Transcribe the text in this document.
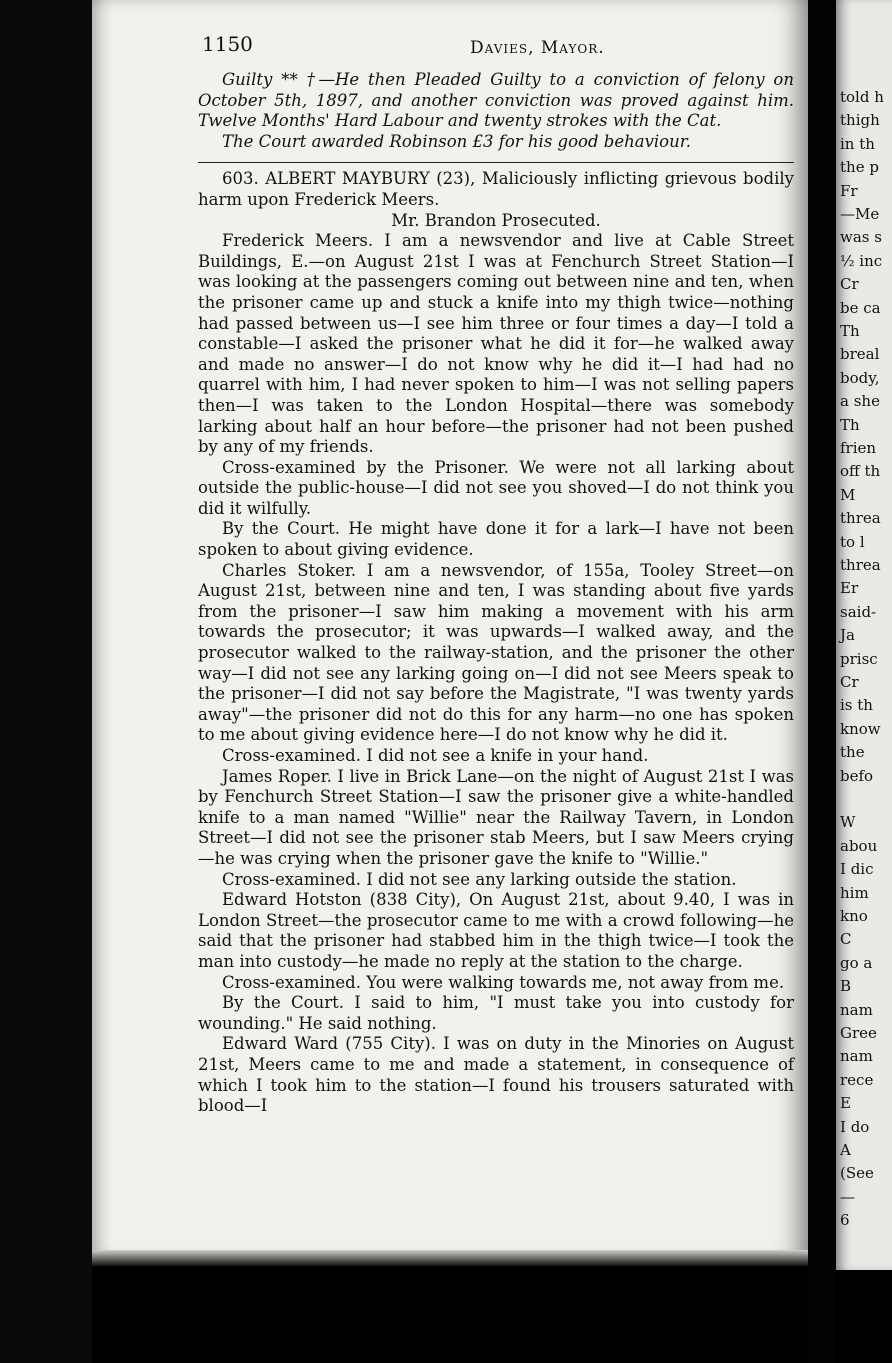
told h
thigh
in th
the p
Fr
—Me
was s
½ inc
Cr
be ca
Th
breal
body,
a she
Th
frien
off th
M
threa
to l
threa
Er
said-
Ja
prisc
Cr
is th
know
the
befo
W
abou
I dic
him
kno
C
go a
B
nam
Gree
nam
rece
E
I do
A
(See
—
6
1150	Davies, Mayor.

Guilty ** †—He then Pleaded Guilty to a conviction of felony on October 5th, 1897, and another conviction was proved against him. Twelve Months' Hard Labour and twenty strokes with the Cat.

The Court awarded Robinson £3 for his good behaviour.

603. ALBERT MAYBURY (23), Maliciously inflicting grievous bodily harm upon Frederick Meers.

Mr. Brandon Prosecuted.

Frederick Meers. I am a newsvendor and live at Cable Street Buildings, E.—on August 21st I was at Fenchurch Street Station—I was looking at the passengers coming out between nine and ten, when the prisoner came up and stuck a knife into my thigh twice—nothing had passed between us—I see him three or four times a day—I told a constable—I asked the prisoner what he did it for—he walked away and made no answer—I do not know why he did it—I had had no quarrel with him, I had never spoken to him—I was not selling papers then—I was taken to the London Hospital—there was somebody larking about half an hour before—the prisoner had not been pushed by any of my friends.

Cross-examined by the Prisoner. We were not all larking about outside the public-house—I did not see you shoved—I do not think you did it wilfully.

By the Court. He might have done it for a lark—I have not been spoken to about giving evidence.

Charles Stoker. I am a newsvendor, of 155a, Tooley Street—on August 21st, between nine and ten, I was standing about five yards from the prisoner—I saw him making a movement with his arm towards the prosecutor; it was upwards—I walked away, and the prosecutor walked to the railway-station, and the prisoner the other way—I did not see any larking going on—I did not see Meers speak to the prisoner—I did not say before the Magistrate, "I was twenty yards away"—the prisoner did not do this for any harm—no one has spoken to me about giving evidence here—I do not know why he did it.

Cross-examined. I did not see a knife in your hand.

James Roper. I live in Brick Lane—on the night of August 21st I was by Fenchurch Street Station—I saw the prisoner give a white-handled knife to a man named "Willie" near the Railway Tavern, in London Street—I did not see the prisoner stab Meers, but I saw Meers crying—he was crying when the prisoner gave the knife to "Willie."

Cross-examined. I did not see any larking outside the station.

Edward Hotston (838 City), On August 21st, about 9.40, I was in London Street—the prosecutor came to me with a crowd following—he said that the prisoner had stabbed him in the thigh twice—I took the man into custody—he made no reply at the station to the charge.

Cross-examined. You were walking towards me, not away from me.

By the Court. I said to him, "I must take you into custody for wounding." He said nothing.

Edward Ward (755 City). I was on duty in the Minories on August 21st, Meers came to me and made a statement, in consequence of which I took him to the station—I found his trousers saturated with blood—I
